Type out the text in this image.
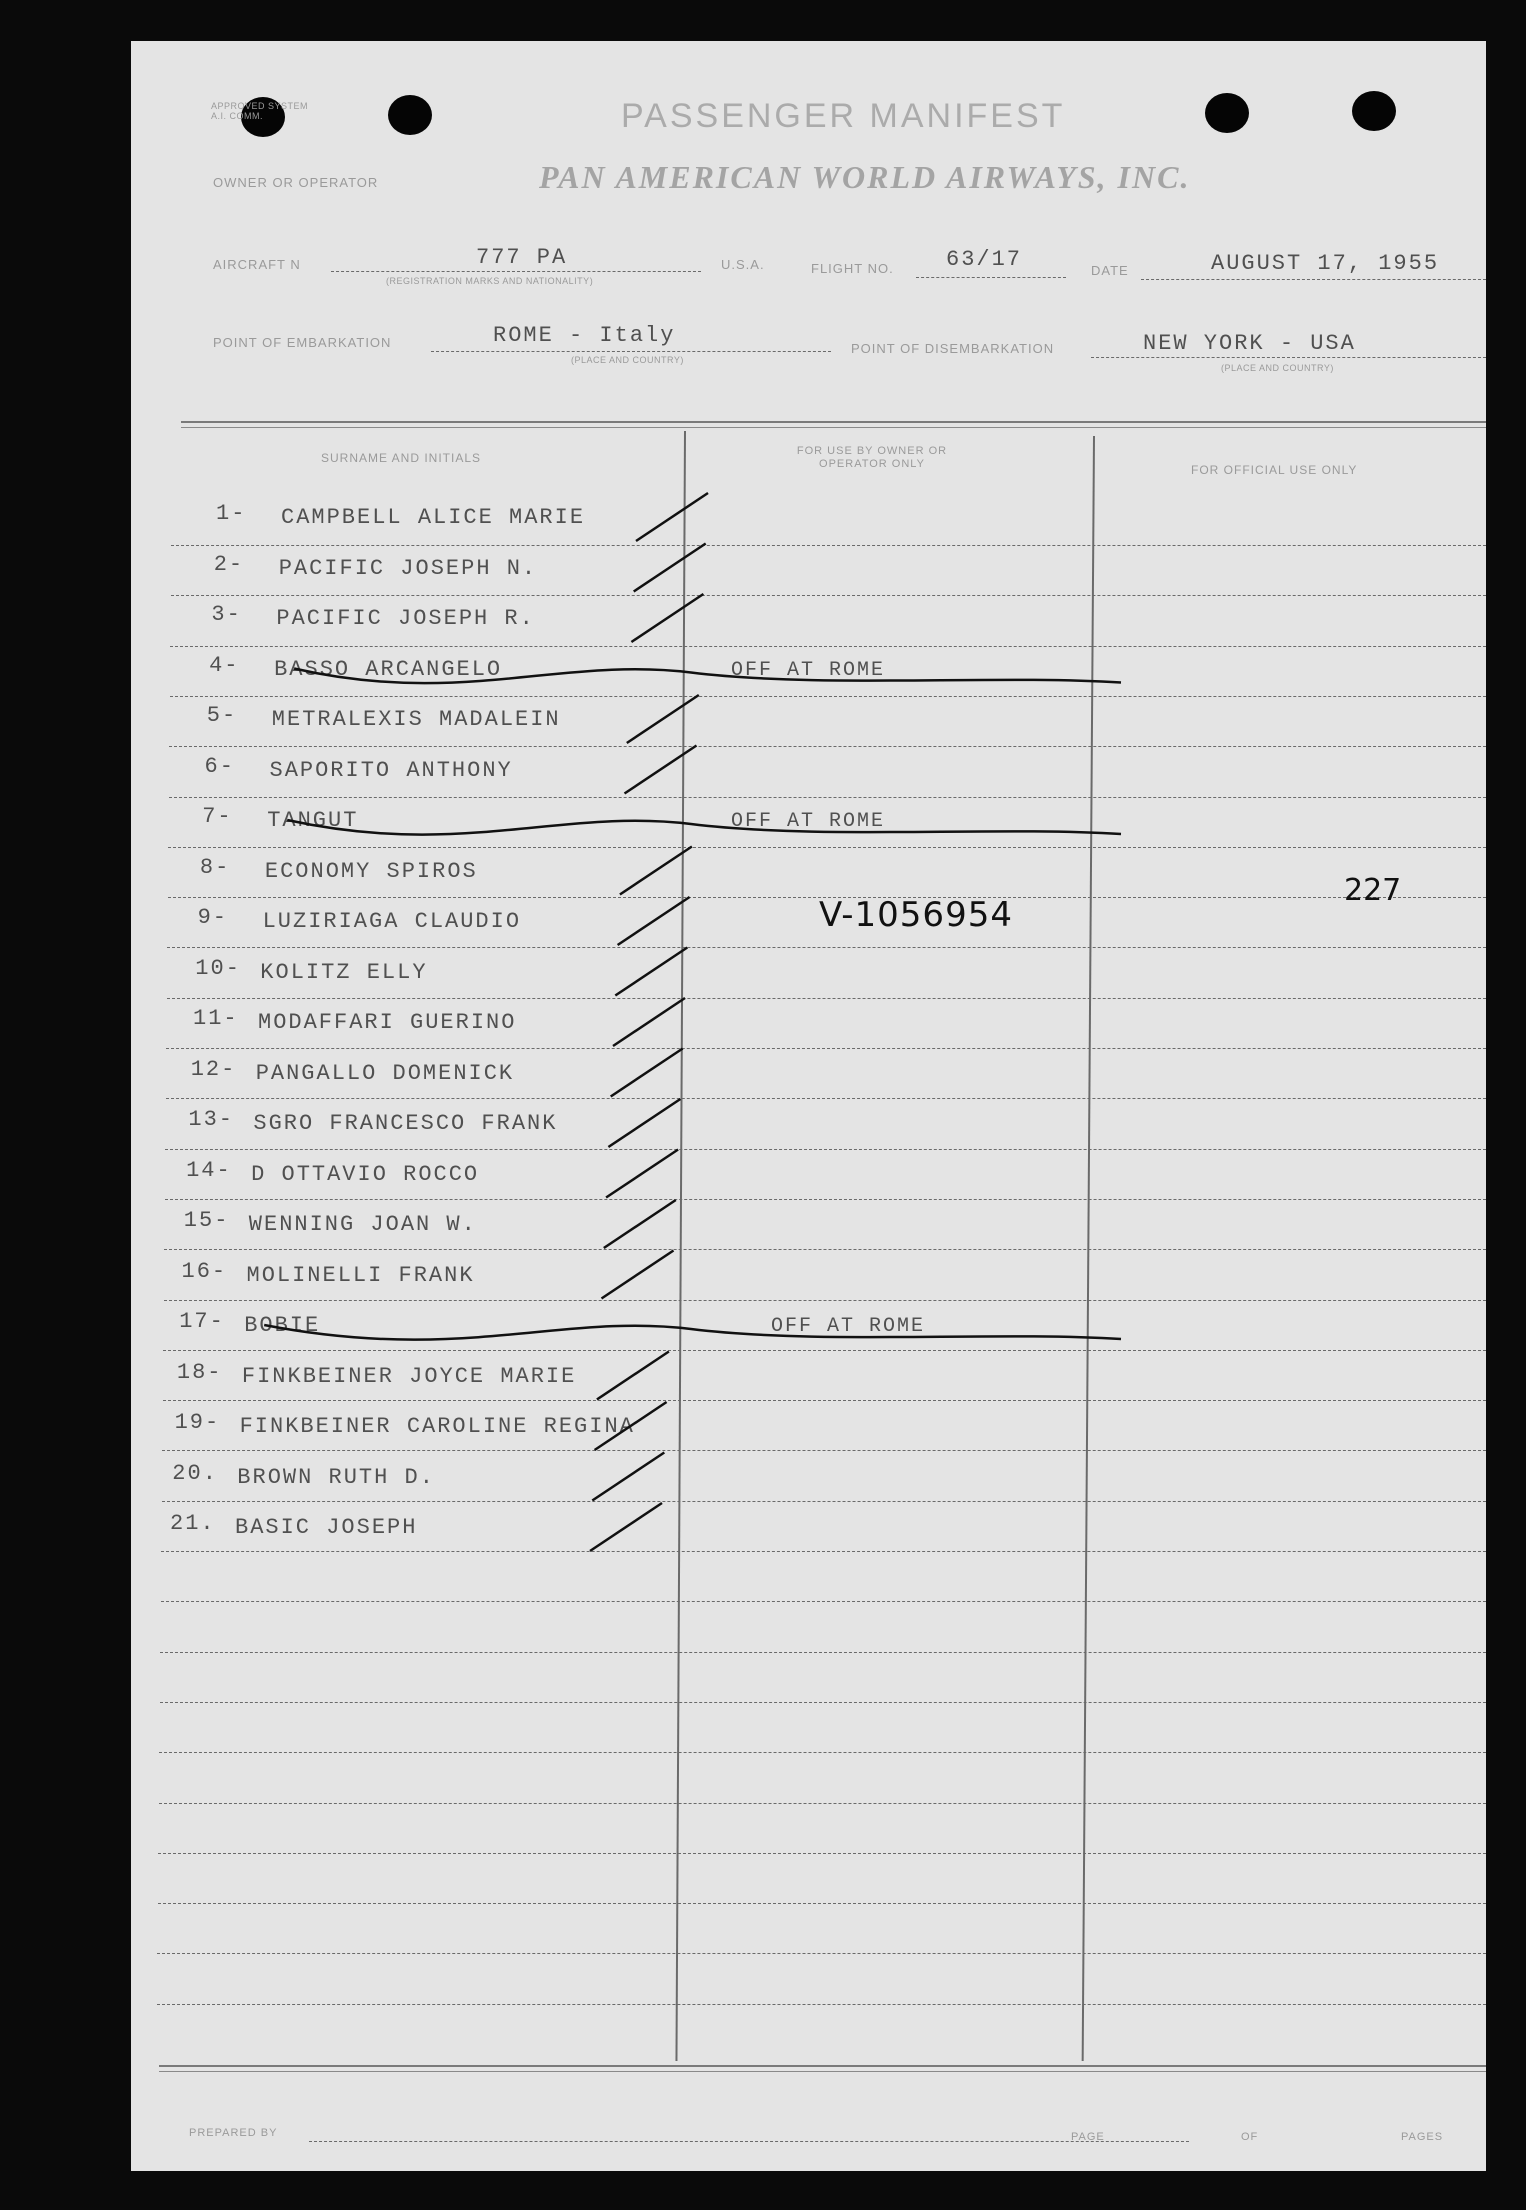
APPROVED SYSTEM A.I. COMM.	PASSENGER MANIFEST
OWNER OR OPERATOR	PAN AMERICAN WORLD AIRWAYS, INC.
AIRCRAFT N	777 PA
(REGISTRATION MARKS AND NATIONALITY)
U.S.A.	FLIGHT NO. 63/17	DATE	AUGUST 17, 1955
POINT OF EMBARKATION	ROME - Italy
(PLACE AND COUNTRY)
POINT OF DISEMBARKATION	NEW YORK - USA
(PLACE AND COUNTRY)
SURNAME AND INITIALS	FOR USE BY OWNER OR OPERATOR ONLY	FOR OFFICIAL USE ONLY
1- CAMPBELL ALICE MARIE
2- PACIFIC JOSEPH N.
3- PACIFIC JOSEPH R.
4- BASSO ARCANGELO	OFF AT ROME
5- METRALEXIS MADALEIN
6- SAPORITO ANTHONY
7- TANGUT	OFF AT ROME
8- ECONOMY SPIROS
9- LUZIRIAGA CLAUDIO
10- KOLITZ ELLY
11- MODAFFARI GUERINO
12- PANGALLO DOMENICK
13- SGRO FRANCESCO FRANK
14- D OTTAVIO ROCCO
15- WENNING JOAN W.
16- MOLINELLI FRANK
17- BOBIE	OFF AT ROME
18- FINKBEINER JOYCE MARIE
19- FINKBEINER CAROLINE REGINA
20. BROWN RUTH D.
21. BASIC JOSEPH
V-1056954
227
PREPARED BY	PAGE	OF	PAGES
